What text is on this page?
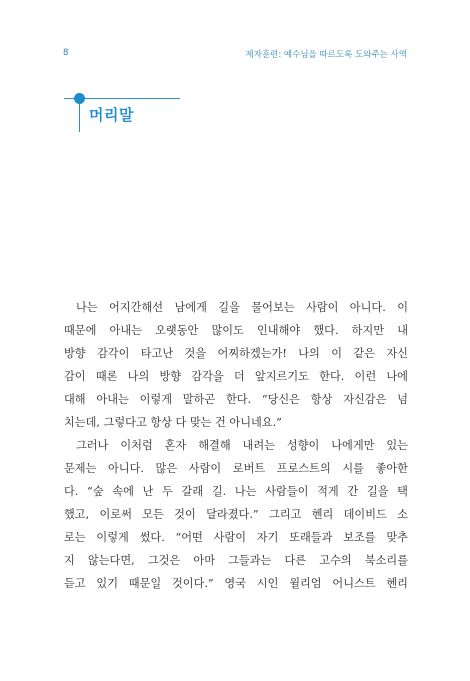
8	제자훈련: 예수님을 따르도록 도와주는 사역
머리말
나는 어지간해선 남에게 길을 물어보는 사람이 아니다. 이
때문에 아내는 오랫동안 많이도 인내해야 했다. 하지만 내
방향 감각이 타고난 것을 어찌하겠는가! 나의 이 같은 자신
감이 때론 나의 방향 감각을 더 앞지르기도 한다. 이런 나에
대해 아내는 이렇게 말하곤 한다. “당신은 항상 자신감은 넘
치는데, 그렇다고 항상 다 맞는 건 아니네요.”
그러나 이처럼 혼자 해결해 내려는 성향이 나에게만 있는
문제는 아니다. 많은 사람이 로버트 프로스트의 시를 좋아한
다. “숲 속에 난 두 갈래 길. 나는 사람들이 적게 간 길을 택
했고, 이로써 모든 것이 달라졌다.” 그리고 헨리 데이비드 소
로는 이렇게 썼다. “어떤 사람이 자기 또래들과 보조를 맞추
지 않는다면, 그것은 아마 그들과는 다른 고수의 북소리를
듣고 있기 때문일 것이다.” 영국 시인 윌리엄 어니스트 헨리
